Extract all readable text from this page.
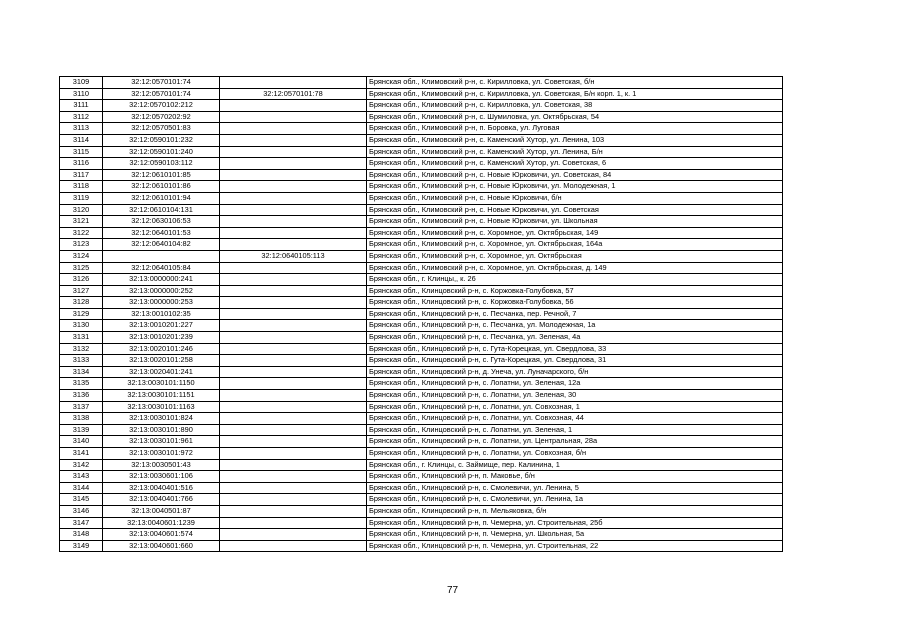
3109	32:12:0570101:74		Брянская обл., Климовский р-н, с. Кирилловка, ул. Советская, б/н
3110	32:12:0570101:74	32:12:0570101:78	Брянская обл., Климовский р-н, с. Кирилловка, ул. Советская, Б/н корп. 1, к. 1
3111	32:12:0570102:212		Брянская обл., Климовский р-н, с. Кирилловка, ул. Советская, 38
3112	32:12:0570202:92		Брянская обл., Климовский р-н, с. Шумиловка, ул. Октябрьская, 54
3113	32:12:0570501:83		Брянская обл., Климовский р-н, п. Боровка, ул. Луговая
3114	32:12:0590101:232		Брянская обл., Климовский р-н, с. Каменский Хутор, ул. Ленина, 103
3115	32:12:0590101:240		Брянская обл., Климовский р-н, с. Каменский Хутор, ул. Ленина, Б/н
3116	32:12:0590103:112		Брянская обл., Климовский р-н, с. Каменский Хутор, ул. Советская, 6
3117	32:12:0610101:85		Брянская обл., Климовский р-н, с. Новые Юрковичи, ул. Советская, 84
3118	32:12:0610101:86		Брянская обл., Климовский р-н, с. Новые Юрковичи, ул. Молодежная, 1
3119	32:12:0610101:94		Брянская обл., Климовский р-н, с. Новые Юрковичи, б/н
3120	32:12:0610104:131		Брянская обл., Климовский р-н, с. Новые Юрковичи, ул. Советская
3121	32:12:0630106:53		Брянская обл., Климовский р-н, с. Новые Юрковичи, ул. Школьная
3122	32:12:0640101:53		Брянская обл., Климовский р-н, с. Хоромное, ул. Октябрьская, 149
3123	32:12:0640104:82		Брянская обл., Климовский р-н, с. Хоромное, ул. Октябрьская, 164а
3124		32:12:0640105:113	Брянская обл., Климовский р-н, с. Хоромное, ул. Октябрьская
3125	32:12:0640105:84		Брянская обл., Климовский р-н, с. Хоромное, ул. Октябрьская, д. 149
3126	32:13:0000000:241		Брянская обл., г. Клинцы,, к. 26
3127	32:13:0000000:252		Брянская обл., Клинцовский р-н, с. Коржовка-Голубовка, 57
3128	32:13:0000000:253		Брянская обл., Клинцовский р-н, с. Коржовка-Голубовка, 56
3129	32:13:0010102:35		Брянская обл., Клинцовский р-н, с. Песчанка, пер. Речной, 7
3130	32:13:0010201:227		Брянская обл., Клинцовский р-н, с. Песчанка, ул. Молодежная, 1а
3131	32:13:0010201:239		Брянская обл., Клинцовский р-н, с. Песчанка, ул. Зеленая, 4а
3132	32:13:0020101:246		Брянская обл., Клинцовский р-н, с. Гута-Корецкая, ул. Свердлова, 33
3133	32:13:0020101:258		Брянская обл., Клинцовский р-н, с. Гута-Корецкая, ул. Свердлова, 31
3134	32:13:0020401:241		Брянская обл., Клинцовский р-н, д. Унеча, ул. Луначарского, б/н
3135	32:13:0030101:1150		Брянская обл., Клинцовский р-н, с. Лопатни, ул. Зеленая, 12а
3136	32:13:0030101:1151		Брянская обл., Клинцовский р-н, с. Лопатни, ул. Зеленая, 30
3137	32:13:0030101:1163		Брянская обл., Клинцовский р-н, с. Лопатни, ул. Совхозная, 1
3138	32:13:0030101:824		Брянская обл., Клинцовский р-н, с. Лопатни, ул. Совхозная, 44
3139	32:13:0030101:890		Брянская обл., Клинцовский р-н, с. Лопатни, ул. Зеленая, 1
3140	32:13:0030101:961		Брянская обл., Клинцовский р-н, с. Лопатни, ул. Центральная, 28а
3141	32:13:0030101:972		Брянская обл., Клинцовский р-н, с. Лопатни, ул. Совхозная, б/н
3142	32:13:0030501:43		Брянская обл., г. Клинцы, с. Займище, пер. Калинина, 1
3143	32:13:0030601:106		Брянская обл., Клинцовский р-н, п. Маковье, б/н
3144	32:13:0040401:516		Брянская обл., Клинцовский р-н, с. Смолевичи, ул. Ленина, 5
3145	32:13:0040401:766		Брянская обл., Клинцовский р-н, с. Смолевичи, ул. Ленина, 1а
3146	32:13:0040501:87		Брянская обл., Клинцовский р-н, п. Мельяковка, б/н
3147	32:13:0040601:1239		Брянская обл., Клинцовский р-н, п. Чемерна, ул. Строительная, 25б
3148	32:13:0040601:574		Брянская обл., Клинцовский р-н, п. Чемерна, ул. Школьная, 5а
3149	32:13:0040601:660		Брянская обл., Клинцовский р-н, п. Чемерна, ул. Строительная, 22
77
